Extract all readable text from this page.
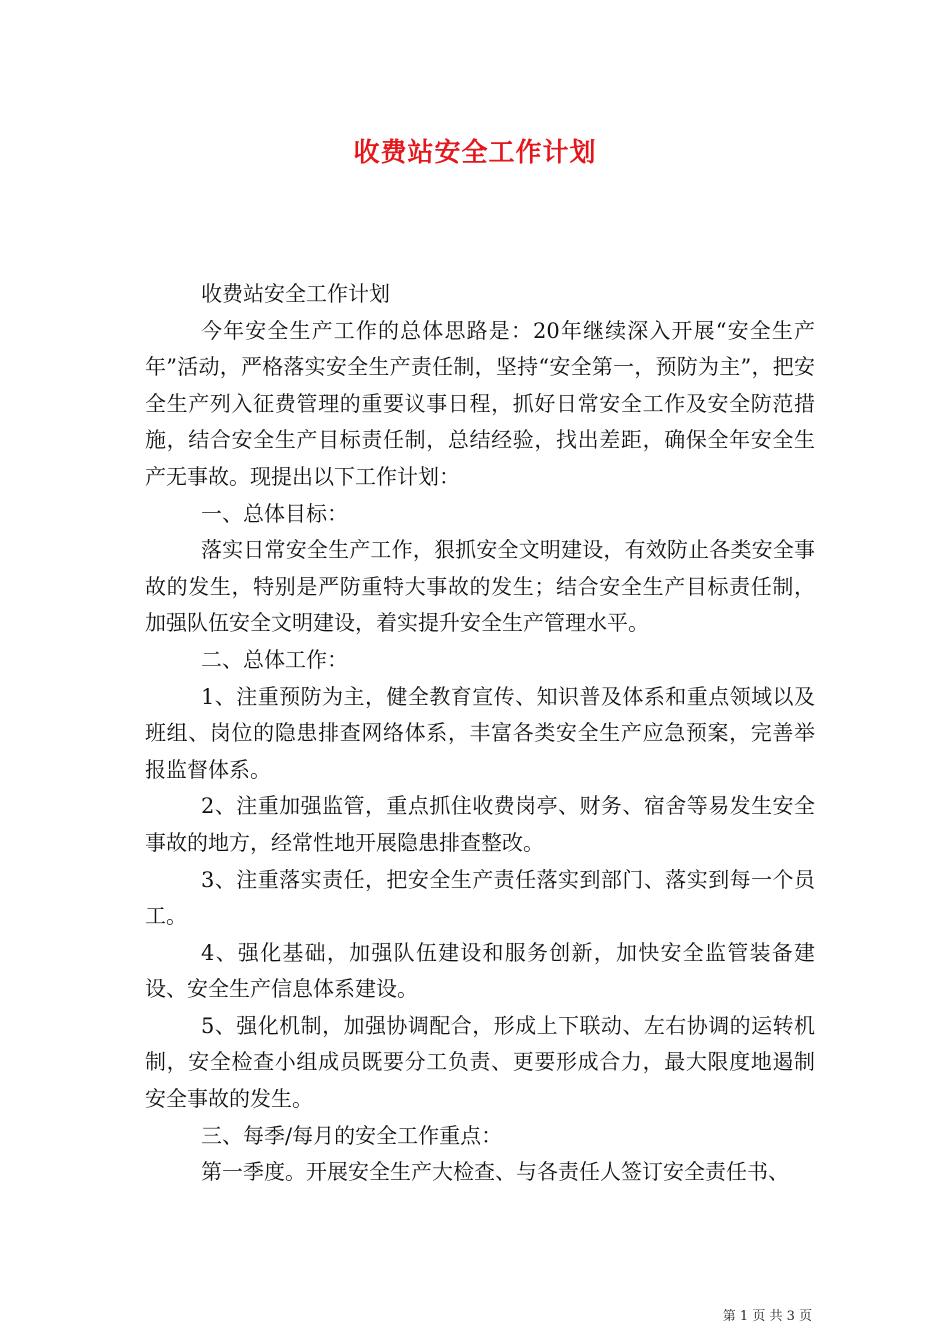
收费站安全工作计划

收费站安全工作计划

今年安全生产工作的总体思路是：20年继续深入开展“安全生产年”活动，严格落实安全生产责任制，坚持“安全第一，预防为主”，把安全生产列入征费管理的重要议事日程，抓好日常安全工作及安全防范措施，结合安全生产目标责任制，总结经验，找出差距，确保全年安全生产无事故。现提出以下工作计划：

一、总体目标：

落实日常安全生产工作，狠抓安全文明建设，有效防止各类安全事故的发生，特别是严防重特大事故的发生；结合安全生产目标责任制，加强队伍安全文明建设，着实提升安全生产管理水平。

二、总体工作：

1、注重预防为主，健全教育宣传、知识普及体系和重点领域以及班组、岗位的隐患排查网络体系，丰富各类安全生产应急预案，完善举报监督体系。

2、注重加强监管，重点抓住收费岗亭、财务、宿舍等易发生安全事故的地方，经常性地开展隐患排查整改。

3、注重落实责任，把安全生产责任落实到部门、落实到每一个员工。

4、强化基础，加强队伍建设和服务创新，加快安全监管装备建设、安全生产信息体系建设。

5、强化机制，加强协调配合，形成上下联动、左右协调的运转机制，安全检查小组成员既要分工负责、更要形成合力，最大限度地遏制安全事故的发生。

三、每季/每月的安全工作重点：

第一季度。开展安全生产大检查、与各责任人签订安全责任书、

第 1 页 共 3 页
